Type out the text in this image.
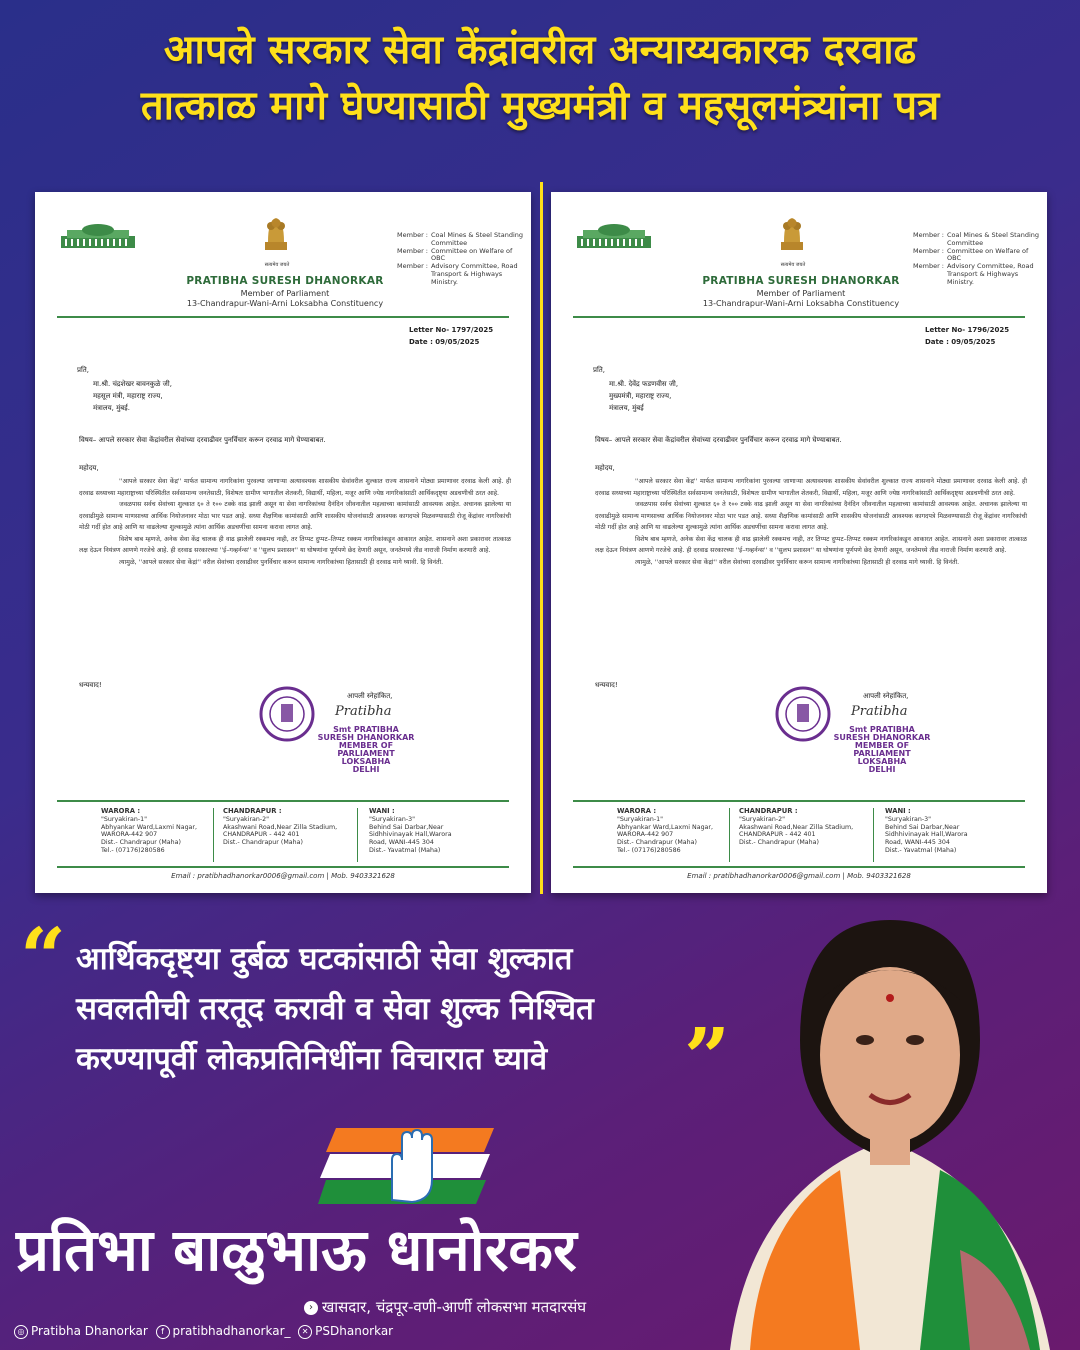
आपले सरकार सेवा केंद्रांवरील अन्याय्यकारक दरवाढ
तात्काळ मागे घेण्यासाठी मुख्यमंत्री व महसूलमंत्र्यांना पत्र
सत्यमेव जयते
PRATIBHA SURESH DHANORKAR
Member of Parliament
13-Chandrapur-Wani-Arni Loksabha Constituency
Member : Coal Mines & Steel Standing Committee
Member : Committee on Welfare of OBC
Member : Advisory Committee, Road Transport & Highways Ministry.
Letter No- 1797/2025
Date : 09/05/2025
प्रति,
मा.श्री. चंद्रशेखर बावनकुळे जी,
महसूल मंत्री, महाराष्ट्र राज्य,
मंत्रालय, मुंबई.
विषय– आपले सरकार सेवा केंद्रांवरील सेवांच्या दरवाढीवर पुनर्विचार करून दरवाढ मागे घेण्याबाबत.
महोदय,

''आपले सरकार सेवा केंद्र'' मार्फत सामान्य नागरिकांना पुरवल्या जाणाऱ्या अत्यावश्यक शासकीय सेवांवरील शुल्कात राज्य शासनाने मोठ्या प्रमाणावर दरवाढ केली आहे. ही दरवाढ सध्याच्या महाराष्ट्राच्या परिस्थितीत सर्वसामान्य जनतेसाठी, विशेषतः ग्रामीण भागातील शेतकरी, विद्यार्थी, महिला, मजूर आणि ज्येष्ठ नागरिकांसाठी आर्थिकदृष्ट्या अडचणीची ठरत आहे.

जवळपास सर्वच सेवांच्या शुल्कात ६० ते १०० टक्के वाढ झाली असून या सेवा नागरिकांच्या दैनंदिन जीवनातील महत्वाच्या कामांसाठी आवश्यक आहेत. अचानक झालेल्या या दरवाढीमुळे सामान्य माणसाच्या आर्थिक नियोजनावर मोठा भार पडत आहे. सध्या शैक्षणिक कामांसाठी आणि शासकीय योजनांसाठी आवश्यक कागदपत्रे मिळवण्यासाठी रोजू केंद्रांवर नागरिकांची मोठी गर्दी होत आहे आणि या वाढलेल्या शुल्कामुळे त्यांना आर्थिक अडचणींचा सामना करावा लागत आहे.

विशेष बाब म्हणजे, अनेक सेवा केंद्र चालक ही वाढ झालेली रक्कमच नाही, तर तिप्पट दुप्पट–तिप्पट रक्कम नागरिकांकडून आकारत आहेत. शासनाने अशा प्रकारावर तात्काळ लक्ष देऊन नियंत्रण आणणे गरजेचे आहे. ही दरवाढ सरकारच्या ''ई–गव्हर्नन्स'' व ''सुलभ प्रशासन'' या घोषणांना पूर्णपणे छेद देणारी असून, जनतेमध्ये तीव्र नाराजी निर्माण करणारी आहे.

त्यामुळे, ''आपले सरकार सेवा केंद्रां'' वरील सेवांच्या दरवाढीवर पुनर्विचार करून सामान्य नागरिकांच्या हितासाठी ही दरवाढ मागे घ्यावी. हि विनंती.

धन्यवाद!
आपली स्नेहांकित,
Pratibha
Smt PRATIBHA
SURESH DHANORKAR
MEMBER OF PARLIAMENT
LOKSABHA
DELHI
WARORA :
"Suryakiran-1"
Abhyankar Ward,Laxmi Nagar,
WARORA-442 907
Dist.- Chandrapur (Maha)
Tel.- (07176)280586
CHANDRAPUR :
"Suryakiran-2"
Akashwani Road,Near Zilla Stadium,
CHANDRAPUR - 442 401
Dist.- Chandrapur (Maha)
WANI :
"Suryakiran-3"
Behind Sai Darbar,Near
Sidhhivinayak Hall,Warora
Road, WANI-445 304
Dist.- Yavatmal (Maha)
Email : pratibhadhanorkar0006@gmail.com | Mob. 9403321628
सत्यमेव जयते
PRATIBHA SURESH DHANORKAR
Member of Parliament
13-Chandrapur-Wani-Arni Loksabha Constituency
Member : Coal Mines & Steel Standing Committee
Member : Committee on Welfare of OBC
Member : Advisory Committee, Road Transport & Highways Ministry.
Letter No- 1796/2025
Date : 09/05/2025
प्रति,
मा.श्री. देवेंद्र फडणवीस जी,
मुख्यमंत्री, महाराष्ट्र राज्य,
मंत्रालय, मुंबई
विषय– आपले सरकार सेवा केंद्रांवरील सेवांच्या दरवाढीवर पुनर्विचार करून दरवाढ मागे घेण्याबाबत.
महोदय,

''आपले सरकार सेवा केंद्र'' मार्फत सामान्य नागरिकांना पुरवल्या जाणाऱ्या अत्यावश्यक शासकीय सेवांवरील शुल्कात राज्य शासनाने मोठ्या प्रमाणावर दरवाढ केली आहे. ही दरवाढ सध्याच्या महाराष्ट्राच्या परिस्थितीत सर्वसामान्य जनतेसाठी, विशेषतः ग्रामीण भागातील शेतकरी, विद्यार्थी, महिला, मजूर आणि ज्येष्ठ नागरिकांसाठी आर्थिकदृष्ट्या अडचणीची ठरत आहे.

जवळपास सर्वच सेवांच्या शुल्कात ६० ते १०० टक्के वाढ झाली असून या सेवा नागरिकांच्या दैनंदिन जीवनातील महत्वाच्या कामांसाठी आवश्यक आहेत. अचानक झालेल्या या दरवाढीमुळे सामान्य माणसाच्या आर्थिक नियोजनावर मोठा भार पडत आहे. सध्या शैक्षणिक कामांसाठी आणि शासकीय योजनांसाठी आवश्यक कागदपत्रे मिळवण्यासाठी रोजू केंद्रांवर नागरिकांची मोठी गर्दी होत आहे आणि या वाढलेल्या शुल्कामुळे त्यांना आर्थिक अडचणींचा सामना करावा लागत आहे.

विशेष बाब म्हणजे, अनेक सेवा केंद्र चालक ही वाढ झालेली रक्कमच नाही, तर तिप्पट दुप्पट–तिप्पट रक्कम नागरिकांकडून आकारत आहेत. शासनाने अशा प्रकारावर तात्काळ लक्ष देऊन नियंत्रण आणणे गरजेचे आहे. ही दरवाढ सरकारच्या ''ई–गव्हर्नन्स'' व ''सुलभ प्रशासन'' या घोषणांना पूर्णपणे छेद देणारी असून, जनतेमध्ये तीव्र नाराजी निर्माण करणारी आहे.

त्यामुळे, ''आपले सरकार सेवा केंद्रां'' वरील सेवांच्या दरवाढीवर पुनर्विचार करून सामान्य नागरिकांच्या हितासाठी ही दरवाढ मागे घ्यावी. हि विनंती.

धन्यवाद!
आपली स्नेहांकित,
Pratibha
Smt PRATIBHA
SURESH DHANORKAR
MEMBER OF PARLIAMENT
LOKSABHA
DELHI
WARORA :
"Suryakiran-1"
Abhyankar Ward,Laxmi Nagar,
WARORA-442 907
Dist.- Chandrapur (Maha)
Tel.- (07176)280586
CHANDRAPUR :
"Suryakiran-2"
Akashwani Road,Near Zilla Stadium,
CHANDRAPUR - 442 401
Dist.- Chandrapur (Maha)
WANI :
"Suryakiran-3"
Behind Sai Darbar,Near
Sidhhivinayak Hall,Warora
Road, WANI-445 304
Dist.- Yavatmal (Maha)
Email : pratibhadhanorkar0006@gmail.com | Mob. 9403321628
“ आर्थिकदृष्ट्या दुर्बळ घटकांसाठी सेवा शुल्कात
सवलतीची तरतूद करावी व सेवा शुल्क निश्चित
करण्यापूर्वी लोकप्रतिनिधींना विचारात घ्यावे	”
प्रतिभा बाळुभाऊ धानोरकर
› खासदार, चंद्रपूर-वणी-आर्णी लोकसभा मतदारसंघ
◎ Pratibha Dhanorkar f pratibhadhanorkar_ ✕ PSDhanorkar
